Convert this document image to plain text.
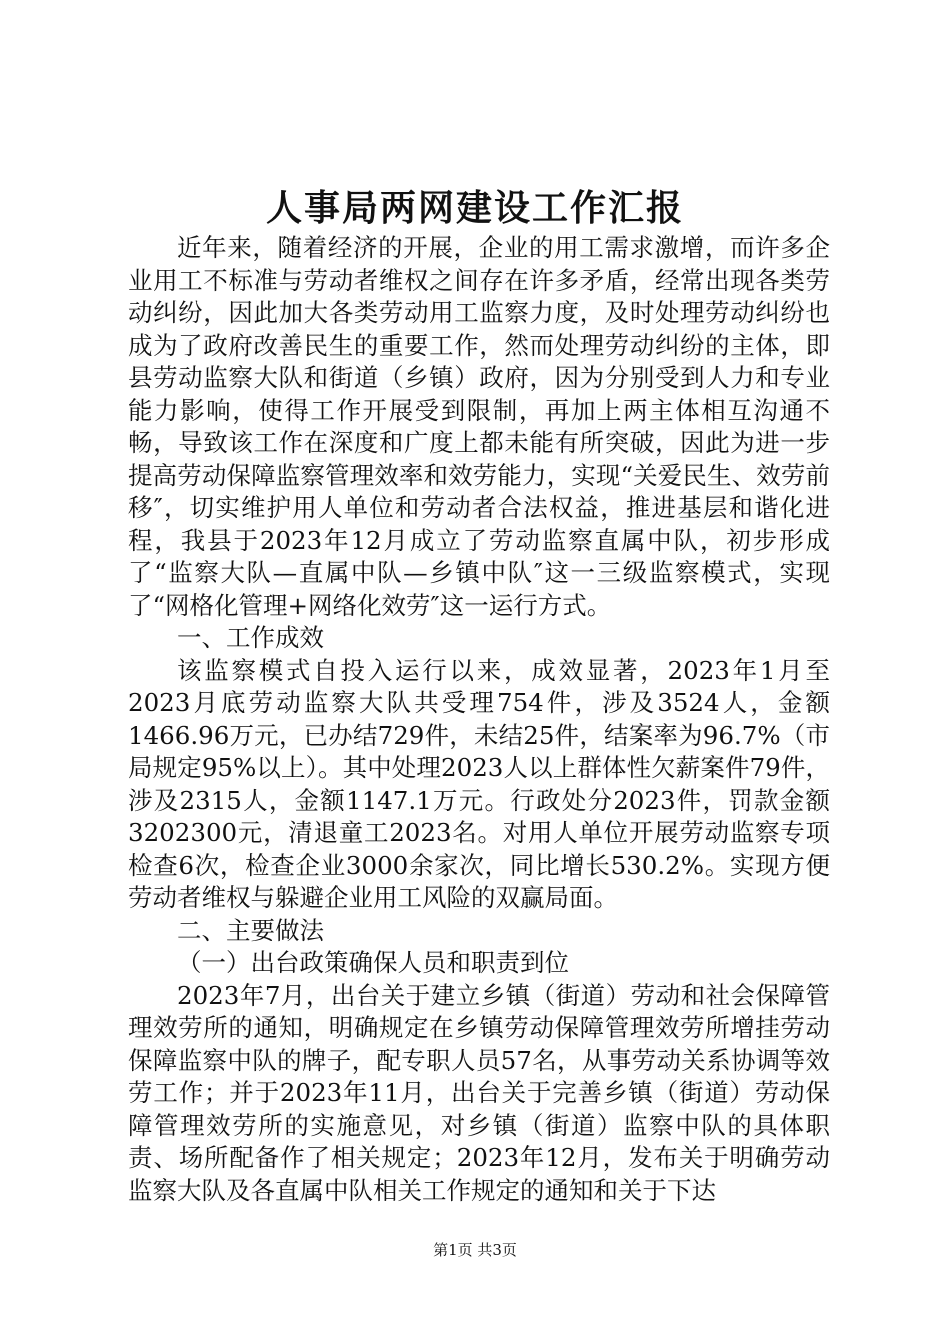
人事局两网建设工作汇报

近年来，随着经济的开展，企业的用工需求激增，而许多企业用工不标准与劳动者维权之间存在许多矛盾，经常出现各类劳动纠纷，因此加大各类劳动用工监察力度，及时处理劳动纠纷也成为了政府改善民生的重要工作，然而处理劳动纠纷的主体，即县劳动监察大队和街道（乡镇）政府，因为分别受到人力和专业能力影响，使得工作开展受到限制，再加上两主体相互沟通不畅，导致该工作在深度和广度上都未能有所突破，因此为进一步提高劳动保障监察管理效率和效劳能力，实现“关爱民生、效劳前移″，切实维护用人单位和劳动者合法权益，推进基层和谐化进程，我县于2023年12月成立了劳动监察直属中队，初步形成了“监察大队—直属中队—乡镇中队″这一三级监察模式，实现了“网格化管理+网络化效劳″这一运行方式。

一、工作成效

该监察模式自投入运行以来，成效显著，2023年1月至2023月底劳动监察大队共受理754件，涉及3524人，金额1466.96万元，已办结729件，未结25件，结案率为96.7%（市局规定95%以上）。其中处理2023人以上群体性欠薪案件79件，涉及2315人，金额1147.1万元。行政处分2023件，罚款金额3202300元，清退童工2023名。对用人单位开展劳动监察专项检查6次，检查企业3000余家次，同比增长530.2%。实现方便劳动者维权与躲避企业用工风险的双赢局面。

二、主要做法

（一）出台政策确保人员和职责到位

2023年7月，出台关于建立乡镇（街道）劳动和社会保障管理效劳所的通知，明确规定在乡镇劳动保障管理效劳所增挂劳动保障监察中队的牌子，配专职人员57名，从事劳动关系协调等效劳工作；并于2023年11月，出台关于完善乡镇（街道）劳动保障管理效劳所的实施意见，对乡镇（街道）监察中队的具体职责、场所配备作了相关规定；2023年12月，发布关于明确劳动监察大队及各直属中队相关工作规定的通知和关于下达

第1页 共3页
